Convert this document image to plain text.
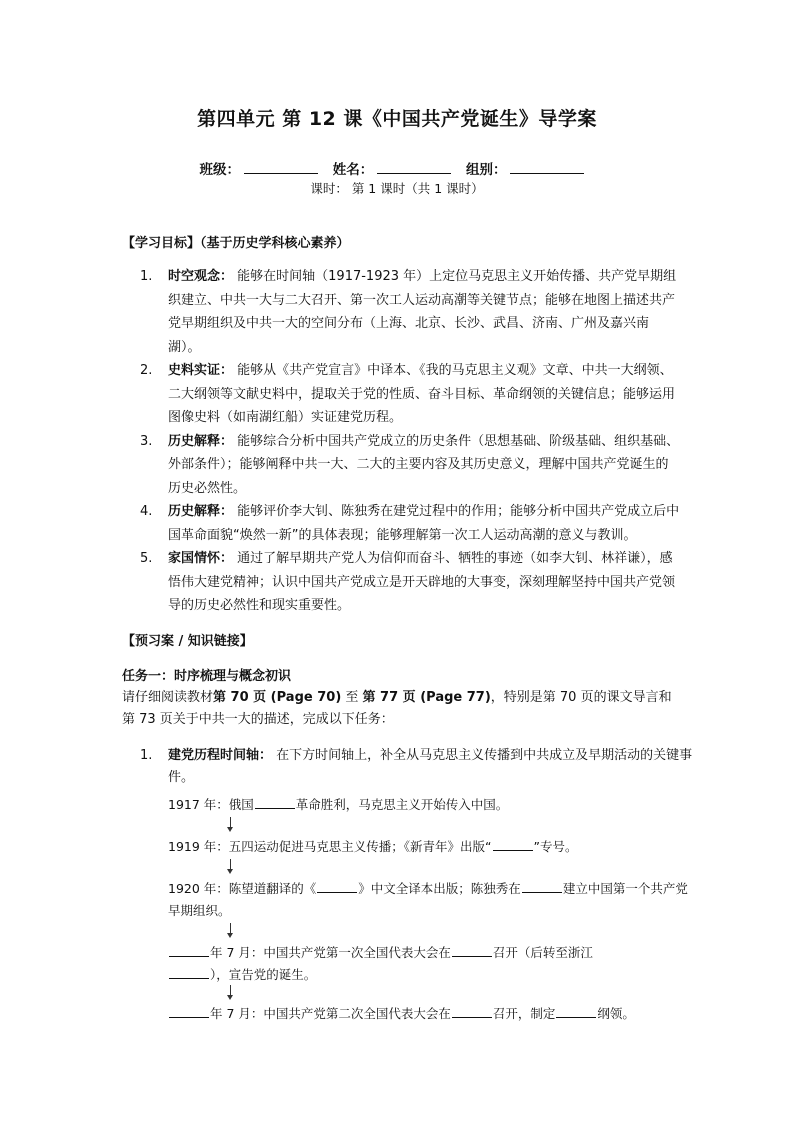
第四单元 第 12 课《中国共产党诞生》导学案
班级：	姓名：	组别：
课时： 第 1 课时（共 1 课时）
【学习目标】（基于历史学科核心素养）
1. 时空观念： 能够在时间轴（1917-1923 年）上定位马克思主义开始传播、共产党早期组织建立、中共一大与二大召开、第一次工人运动高潮等关键节点；能够在地图上描述共产党早期组织及中共一大的空间分布（上海、北京、长沙、武昌、济南、广州及嘉兴南湖）。
2. 史料实证： 能够从《共产党宣言》中译本、《我的马克思主义观》文章、中共一大纲领、二大纲领等文献史料中，提取关于党的性质、奋斗目标、革命纲领的关键信息；能够运用图像史料（如南湖红船）实证建党历程。
3. 历史解释： 能够综合分析中国共产党成立的历史条件（思想基础、阶级基础、组织基础、外部条件）；能够阐释中共一大、二大的主要内容及其历史意义，理解中国共产党诞生的历史必然性。
4. 历史解释： 能够评价李大钊、陈独秀在建党过程中的作用；能够分析中国共产党成立后中国革命面貌“焕然一新”的具体表现；能够理解第一次工人运动高潮的意义与教训。
5. 家国情怀： 通过了解早期共产党人为信仰而奋斗、牺牲的事迹（如李大钊、林祥谦），感悟伟大建党精神；认识中国共产党成立是开天辟地的大事变，深刻理解坚持中国共产党领导的历史必然性和现实重要性。
【预习案 / 知识链接】
任务一：时序梳理与概念初识
请仔细阅读教材第 70 页 (Page 70) 至 第 77 页 (Page 77)，特别是第 70 页的课文导言和第 73 页关于中共一大的描述，完成以下任务：
1. 建党历程时间轴： 在下方时间轴上，补全从马克思主义传播到中共成立及早期活动的关键事件。
1917 年：俄国	革命胜利，马克思主义开始传入中国。
1919 年：五四运动促进马克思主义传播；《新青年》出版“	”专号。
1920 年：陈望道翻译的《	》中文全译本出版；陈独秀在	建立中国第一个共产党早期组织。
年 7 月：中国共产党第一次全国代表大会在	召开（后转至浙江
），宣告党的诞生。
年 7 月：中国共产党第二次全国代表大会在	召开，制定	纲领。
